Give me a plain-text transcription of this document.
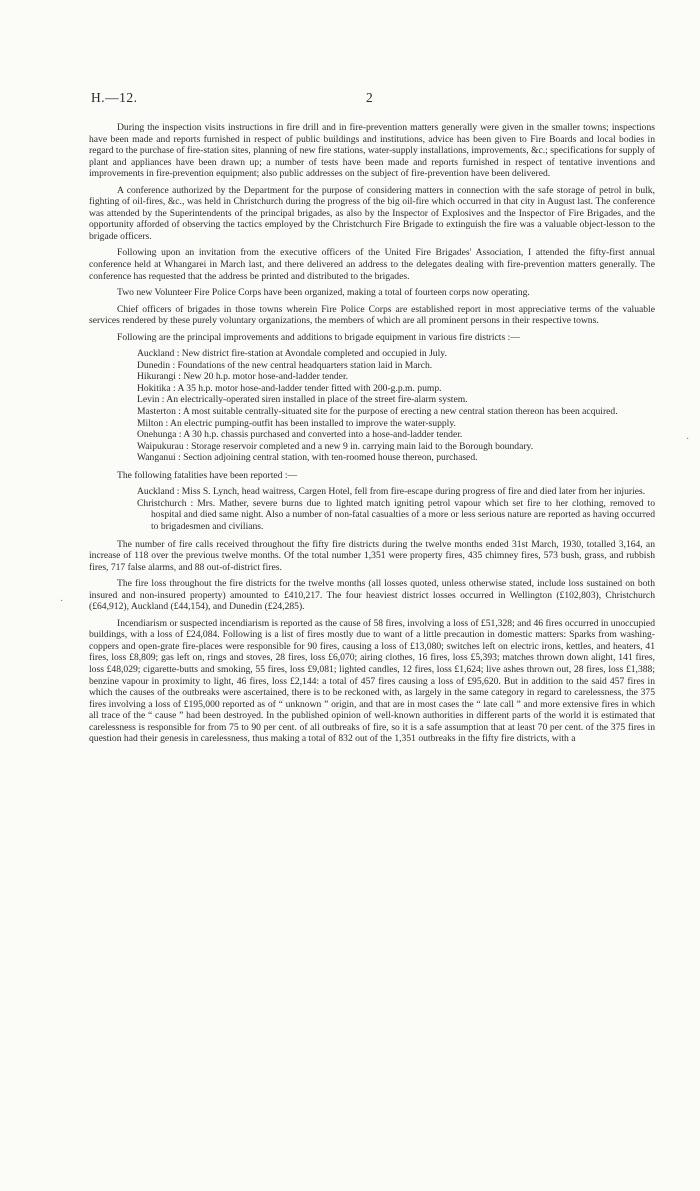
H.—12.	2
·
·

During the inspection visits instructions in fire drill and in fire-prevention matters generally were given in the smaller towns; inspections have been made and reports furnished in respect of public buildings and institutions, advice has been given to Fire Boards and local bodies in regard to the purchase of fire-station sites, planning of new fire stations, water-supply installations, improvements, &c.; specifications for supply of plant and appliances have been drawn up; a number of tests have been made and reports furnished in respect of tentative inventions and improvements in fire-prevention equipment; also public addresses on the subject of fire-prevention have been delivered.

A conference authorized by the Department for the purpose of considering matters in connection with the safe storage of petrol in bulk, fighting of oil-fires, &c., was held in Christchurch during the progress of the big oil-fire which occurred in that city in August last. The conference was attended by the Superintendents of the principal brigades, as also by the Inspector of Explosives and the Inspector of Fire Brigades, and the opportunity afforded of observing the tactics employed by the Christchurch Fire Brigade to extinguish the fire was a valuable object-lesson to the brigade officers.

Following upon an invitation from the executive officers of the United Fire Brigades' Association, I attended the fifty-first annual conference held at Whangarei in March last, and there delivered an address to the delegates dealing with fire-prevention matters generally. The conference has requested that the address be printed and distributed to the brigades.

Two new Volunteer Fire Police Corps have been organized, making a total of fourteen corps now operating.

Chief officers of brigades in those towns wherein Fire Police Corps are established report in most appreciative terms of the valuable services rendered by these purely voluntary organizations, the members of which are all prominent persons in their respective towns.

Following are the principal improvements and additions to brigade equipment in various fire districts :—

Auckland : New district fire-station at Avondale completed and occupied in July.
Dunedin : Foundations of the new central headquarters station laid in March.
Hikurangi : New 20 h.p. motor hose-and-ladder tender.
Hokitika : A 35 h.p. motor hose-and-ladder tender fitted with 200-g.p.m. pump.
Levin : An electrically-operated siren installed in place of the street fire-alarm system.
Masterton : A most suitable centrally-situated site for the purpose of erecting a new central station thereon has been acquired.
Milton : An electric pumping-outfit has been installed to improve the water-supply.
Onehunga : A 30 h.p. chassis purchased and converted into a hose-and-ladder tender.
Waipukurau : Storage reservoir completed and a new 9 in. carrying main laid to the Borough boundary.
Wanganui : Section adjoining central station, with ten-roomed house thereon, purchased.

The following fatalities have been reported :—

Auckland : Miss S. Lynch, head waitress, Cargen Hotel, fell from fire-escape during progress of fire and died later from her injuries.
Christchurch : Mrs. Mather, severe burns due to lighted match igniting petrol vapour which set fire to her clothing, removed to hospital and died same night. Also a number of non-fatal casualties of a more or less serious nature are reported as having occurred to brigadesmen and civilians.

The number of fire calls received throughout the fifty fire districts during the twelve months ended 31st March, 1930, totalled 3,164, an increase of 118 over the previous twelve months. Of the total number 1,351 were property fires, 435 chimney fires, 573 bush, grass, and rubbish fires, 717 false alarms, and 88 out-of-district fires.

The fire loss throughout the fire districts for the twelve months (all losses quoted, unless otherwise stated, include loss sustained on both insured and non-insured property) amounted to £410,217. The four heaviest district losses occurred in Wellington (£102,803), Christchurch (£64,912), Auckland (£44,154), and Dunedin (£24,285).

Incendiarism or suspected incendiarism is reported as the cause of 58 fires, involving a loss of £51,328; and 46 fires occurred in unoccupied buildings, with a loss of £24,084. Following is a list of fires mostly due to want of a little precaution in domestic matters: Sparks from washing-coppers and open-grate fire-places were responsible for 90 fires, causing a loss of £13,080; switches left on electric irons, kettles, and heaters, 41 fires, loss £8,809; gas left on, rings and stoves, 28 fires, loss £6,070; airing clothes, 16 fires, loss £5,393; matches thrown down alight, 141 fires, loss £48,029; cigarette-butts and smoking, 55 fires, loss £9,081; lighted candles, 12 fires, loss £1,624; live ashes thrown out, 28 fires, loss £1,388; benzine vapour in proximity to light, 46 fires, loss £2,144: a total of 457 fires causing a loss of £95,620. But in addition to the said 457 fires in which the causes of the outbreaks were ascertained, there is to be reckoned with, as largely in the same category in regard to carelessness, the 375 fires involving a loss of £195,000 reported as of “ unknown ” origin, and that are in most cases the “ late call ” and more extensive fires in which all trace of the “ cause ” had been destroyed. In the published opinion of well-known authorities in different parts of the world it is estimated that carelessness is responsible for from 75 to 90 per cent. of all outbreaks of fire, so it is a safe assumption that at least 70 per cent. of the 375 fires in question had their genesis in carelessness, thus making a total of 832 out of the 1,351 outbreaks in the fifty fire districts, with a
